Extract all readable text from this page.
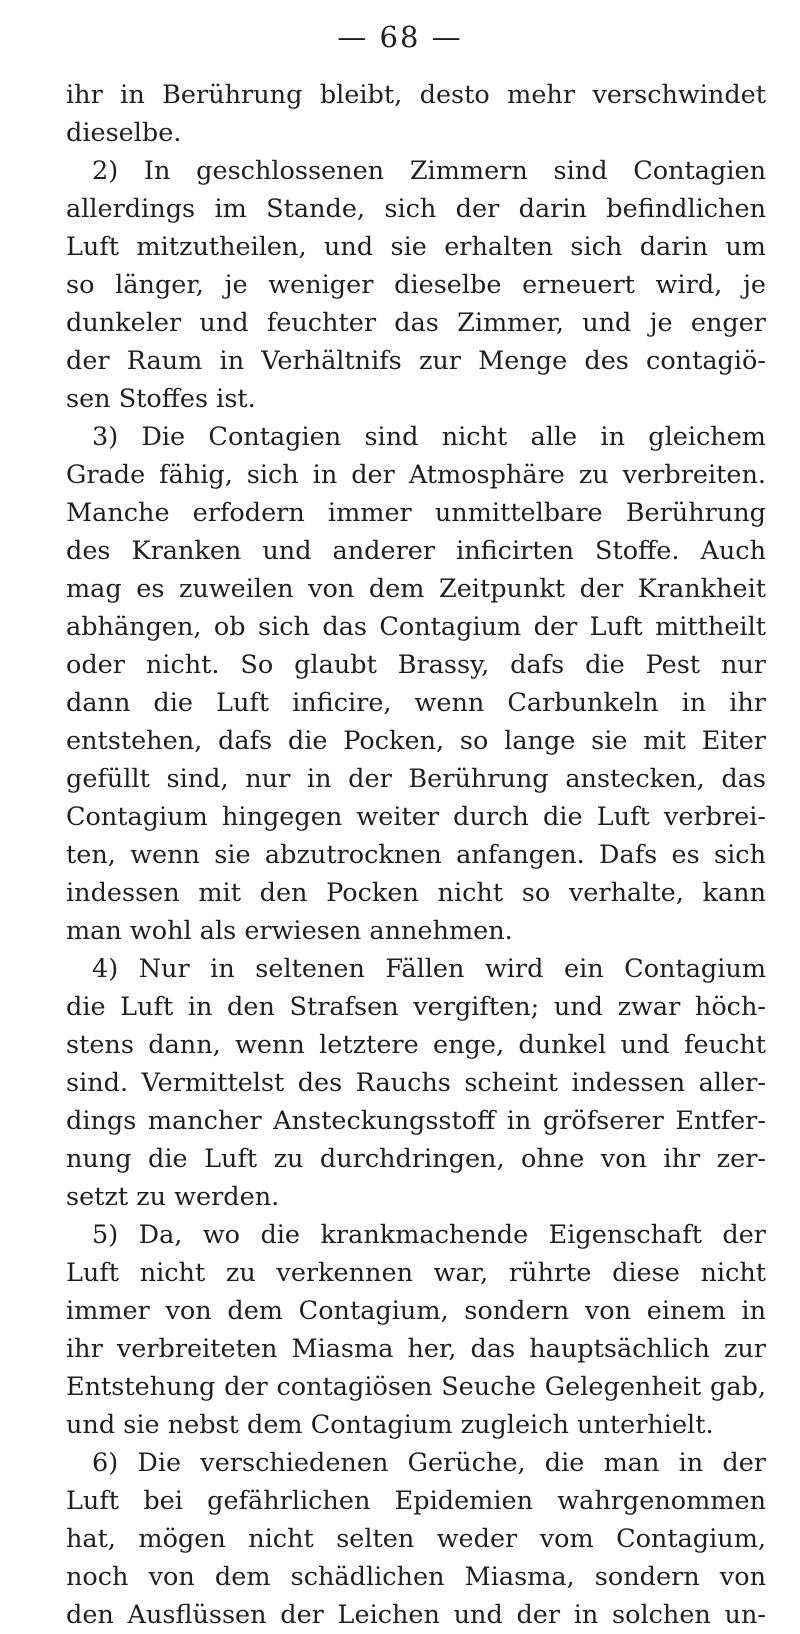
— 68 —
ihr in Berührung bleibt, desto mehr verschwindet
dieselbe.
2) In geschlossenen Zimmern sind Contagien
allerdings im Stande, sich der darin befindlichen
Luft mitzutheilen, und sie erhalten sich darin um
so länger, je weniger dieselbe erneuert wird, je
dunkeler und feuchter das Zimmer, und je enger
der Raum in Verhältnifs zur Menge des contagiö-
sen Stoffes ist.
3) Die Contagien sind nicht alle in gleichem
Grade fähig, sich in der Atmosphäre zu verbreiten.
Manche erfodern immer unmittelbare Berührung
des Kranken und anderer inficirten Stoffe. Auch
mag es zuweilen von dem Zeitpunkt der Krankheit
abhängen, ob sich das Contagium der Luft mittheilt
oder nicht. So glaubt Brassy, dafs die Pest nur
dann die Luft inficire, wenn Carbunkeln in ihr
entstehen, dafs die Pocken, so lange sie mit Eiter
gefüllt sind, nur in der Berührung anstecken, das
Contagium hingegen weiter durch die Luft verbrei-
ten, wenn sie abzutrocknen anfangen. Dafs es sich
indessen mit den Pocken nicht so verhalte, kann
man wohl als erwiesen annehmen.
4) Nur in seltenen Fällen wird ein Contagium
die Luft in den Strafsen vergiften; und zwar höch-
stens dann, wenn letztere enge, dunkel und feucht
sind. Vermittelst des Rauchs scheint indessen aller-
dings mancher Ansteckungsstoff in gröfserer Entfer-
nung die Luft zu durchdringen, ohne von ihr zer-
setzt zu werden.
5) Da, wo die krankmachende Eigenschaft der
Luft nicht zu verkennen war, rührte diese nicht
immer von dem Contagium, sondern von einem in
ihr verbreiteten Miasma her, das hauptsächlich zur
Entstehung der contagiösen Seuche Gelegenheit gab,
und sie nebst dem Contagium zugleich unterhielt.
6) Die verschiedenen Gerüche, die man in der
Luft bei gefährlichen Epidemien wahrgenommen
hat, mögen nicht selten weder vom Contagium,
noch von dem schädlichen Miasma, sondern von
den Ausflüssen der Leichen und der in solchen un-
